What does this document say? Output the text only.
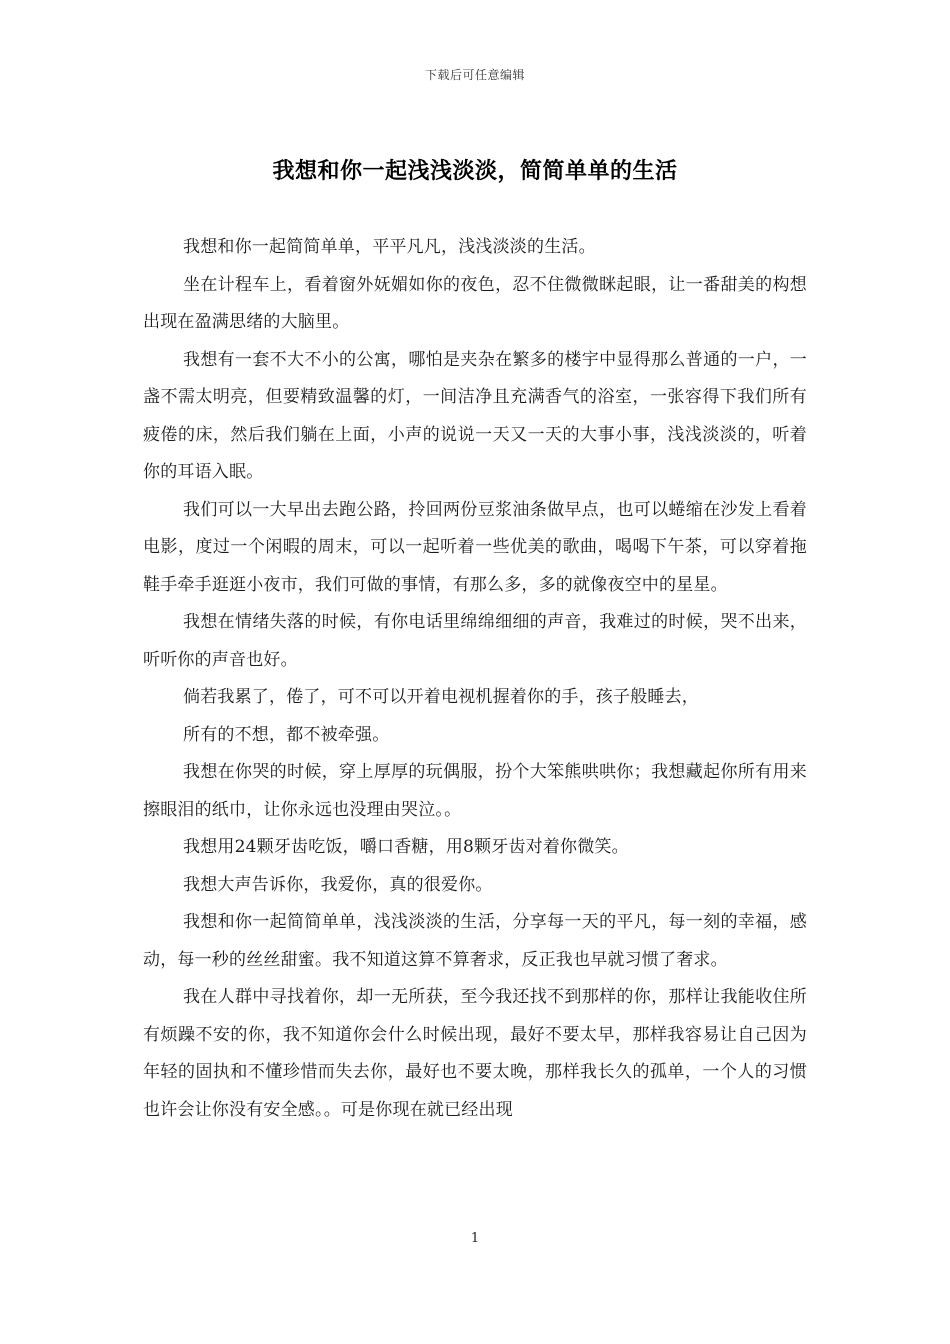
下载后可任意编辑
我想和你一起浅浅淡淡，简简单单的生活

我想和你一起简简单单，平平凡凡，浅浅淡淡的生活。

坐在计程车上，看着窗外妩媚如你的夜色，忍不住微微眯起眼，让一番甜美的构想出现在盈满思绪的大脑里。

我想有一套不大不小的公寓，哪怕是夹杂在繁多的楼宇中显得那么普通的一户，一盏不需太明亮，但要精致温馨的灯，一间洁净且充满香气的浴室，一张容得下我们所有疲倦的床，然后我们躺在上面，小声的说说一天又一天的大事小事，浅浅淡淡的，听着你的耳语入眠。

我们可以一大早出去跑公路，拎回两份豆浆油条做早点，也可以蜷缩在沙发上看着电影，度过一个闲暇的周末，可以一起听着一些优美的歌曲，喝喝下午茶，可以穿着拖鞋手牵手逛逛小夜市，我们可做的事情，有那么多，多的就像夜空中的星星。

我想在情绪失落的时候，有你电话里绵绵细细的声音，我难过的时候，哭不出来，听听你的声音也好。

倘若我累了，倦了，可不可以开着电视机握着你的手，孩子般睡去，

所有的不想，都不被牵强。

我想在你哭的时候，穿上厚厚的玩偶服，扮个大笨熊哄哄你；我想藏起你所有用来擦眼泪的纸巾，让你永远也没理由哭泣。。

我想用24颗牙齿吃饭，嚼口香糖，用8颗牙齿对着你微笑。

我想大声告诉你，我爱你，真的很爱你。

我想和你一起简简单单，浅浅淡淡的生活，分享每一天的平凡，每一刻的幸福，感动，每一秒的丝丝甜蜜。我不知道这算不算奢求，反正我也早就习惯了奢求。

我在人群中寻找着你，却一无所获，至今我还找不到那样的你，那样让我能收住所有烦躁不安的你，我不知道你会什么时候出现，最好不要太早，那样我容易让自己因为年轻的固执和不懂珍惜而失去你，最好也不要太晚，那样我长久的孤单，一个人的习惯也许会让你没有安全感。。可是你现在就已经出现

1
